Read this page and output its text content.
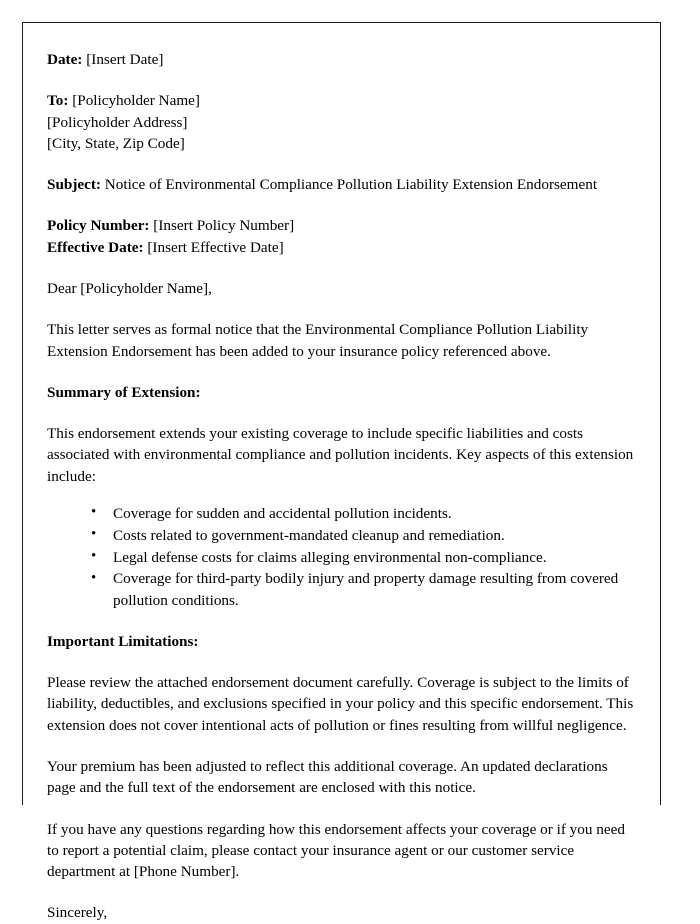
Date: [Insert Date]

To: [Policyholder Name]

[Policyholder Address]

[City, State, Zip Code]

Subject: Notice of Environmental Compliance Pollution Liability Extension Endorsement

Policy Number: [Insert Policy Number]

Effective Date: [Insert Effective Date]

Dear [Policyholder Name],

This letter serves as formal notice that the Environmental Compliance Pollution Liability Extension Endorsement has been added to your insurance policy referenced above.

Summary of Extension:

This endorsement extends your existing coverage to include specific liabilities and costs associated with environmental compliance and pollution incidents. Key aspects of this extension include:

• Coverage for sudden and accidental pollution incidents.
• Costs related to government-mandated cleanup and remediation.
• Legal defense costs for claims alleging environmental non-compliance.
• Coverage for third-party bodily injury and property damage resulting from covered pollution conditions.

Important Limitations:

Please review the attached endorsement document carefully. Coverage is subject to the limits of liability, deductibles, and exclusions specified in your policy and this specific endorsement. This extension does not cover intentional acts of pollution or fines resulting from willful negligence.

Your premium has been adjusted to reflect this additional coverage. An updated declarations page and the full text of the endorsement are enclosed with this notice.

If you have any questions regarding how this endorsement affects your coverage or if you need to report a potential claim, please contact your insurance agent or our customer service department at [Phone Number].

Sincerely,
